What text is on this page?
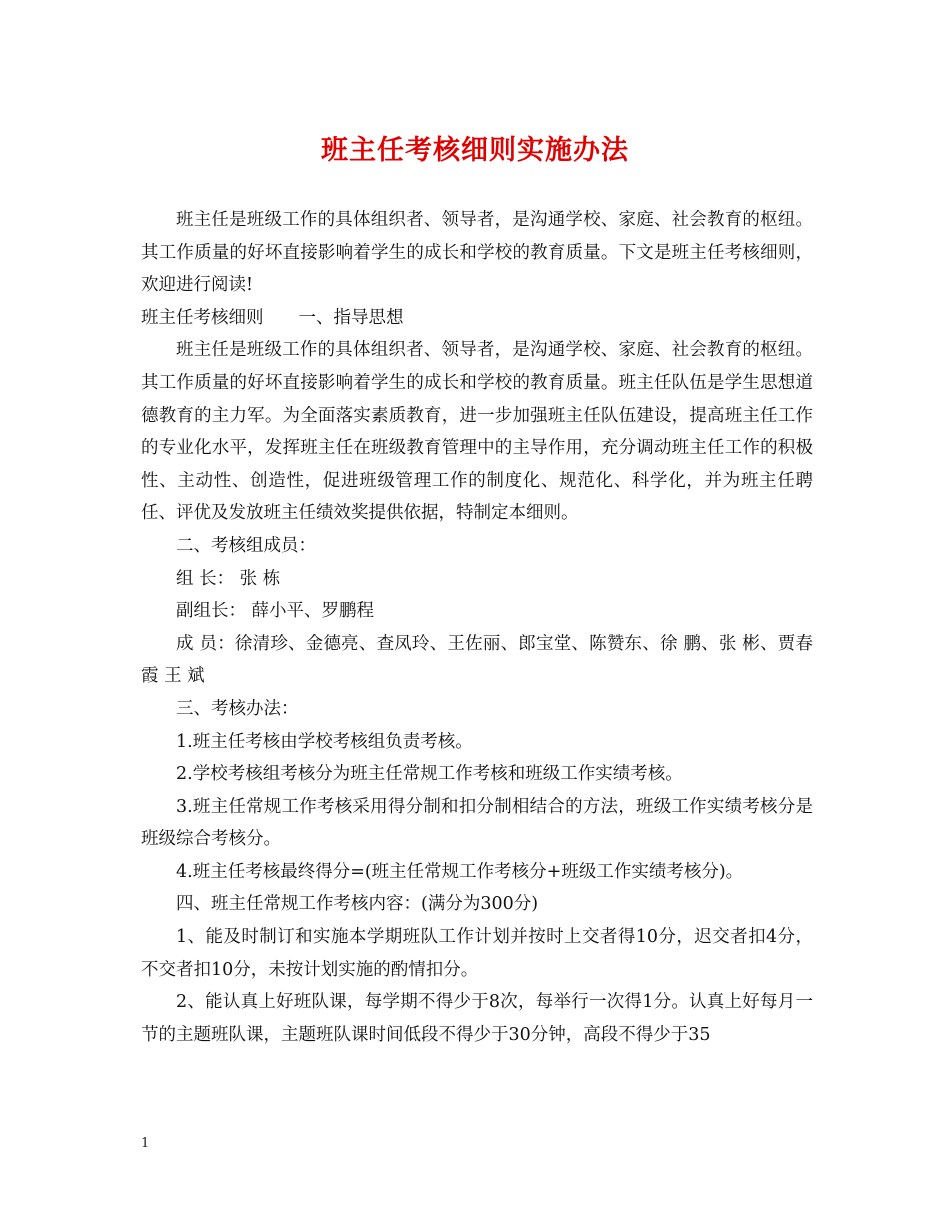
班主任考核细则实施办法

班主任是班级工作的具体组织者、领导者，是沟通学校、家庭、社会教育的枢纽。其工作质量的好坏直接影响着学生的成长和学校的教育质量。下文是班主任考核细则，欢迎进行阅读!

班主任考核细则 一、指导思想

班主任是班级工作的具体组织者、领导者，是沟通学校、家庭、社会教育的枢纽。其工作质量的好坏直接影响着学生的成长和学校的教育质量。班主任队伍是学生思想道德教育的主力军。为全面落实素质教育，进一步加强班主任队伍建设，提高班主任工作的专业化水平，发挥班主任在班级教育管理中的主导作用，充分调动班主任工作的积极性、主动性、创造性，促进班级管理工作的制度化、规范化、科学化，并为班主任聘任、评优及发放班主任绩效奖提供依据，特制定本细则。

二、考核组成员：

组 长： 张 栋

副组长： 薛小平、罗鹏程

成 员：徐清珍、金德亮、查凤玲、王佐丽、郎宝堂、陈赞东、徐 鹏、张 彬、贾春霞 王 斌

三、考核办法：

1.班主任考核由学校考核组负责考核。

2.学校考核组考核分为班主任常规工作考核和班级工作实绩考核。

3.班主任常规工作考核采用得分制和扣分制相结合的方法，班级工作实绩考核分是班级综合考核分。

4.班主任考核最终得分=(班主任常规工作考核分+班级工作实绩考核分)。

四、班主任常规工作考核内容：(满分为300分)

1、能及时制订和实施本学期班队工作计划并按时上交者得10分，迟交者扣4分，不交者扣10分，未按计划实施的酌情扣分。

2、能认真上好班队课，每学期不得少于8次，每举行一次得1分。认真上好每月一节的主题班队课，主题班队课时间低段不得少于30分钟，高段不得少于35

1
